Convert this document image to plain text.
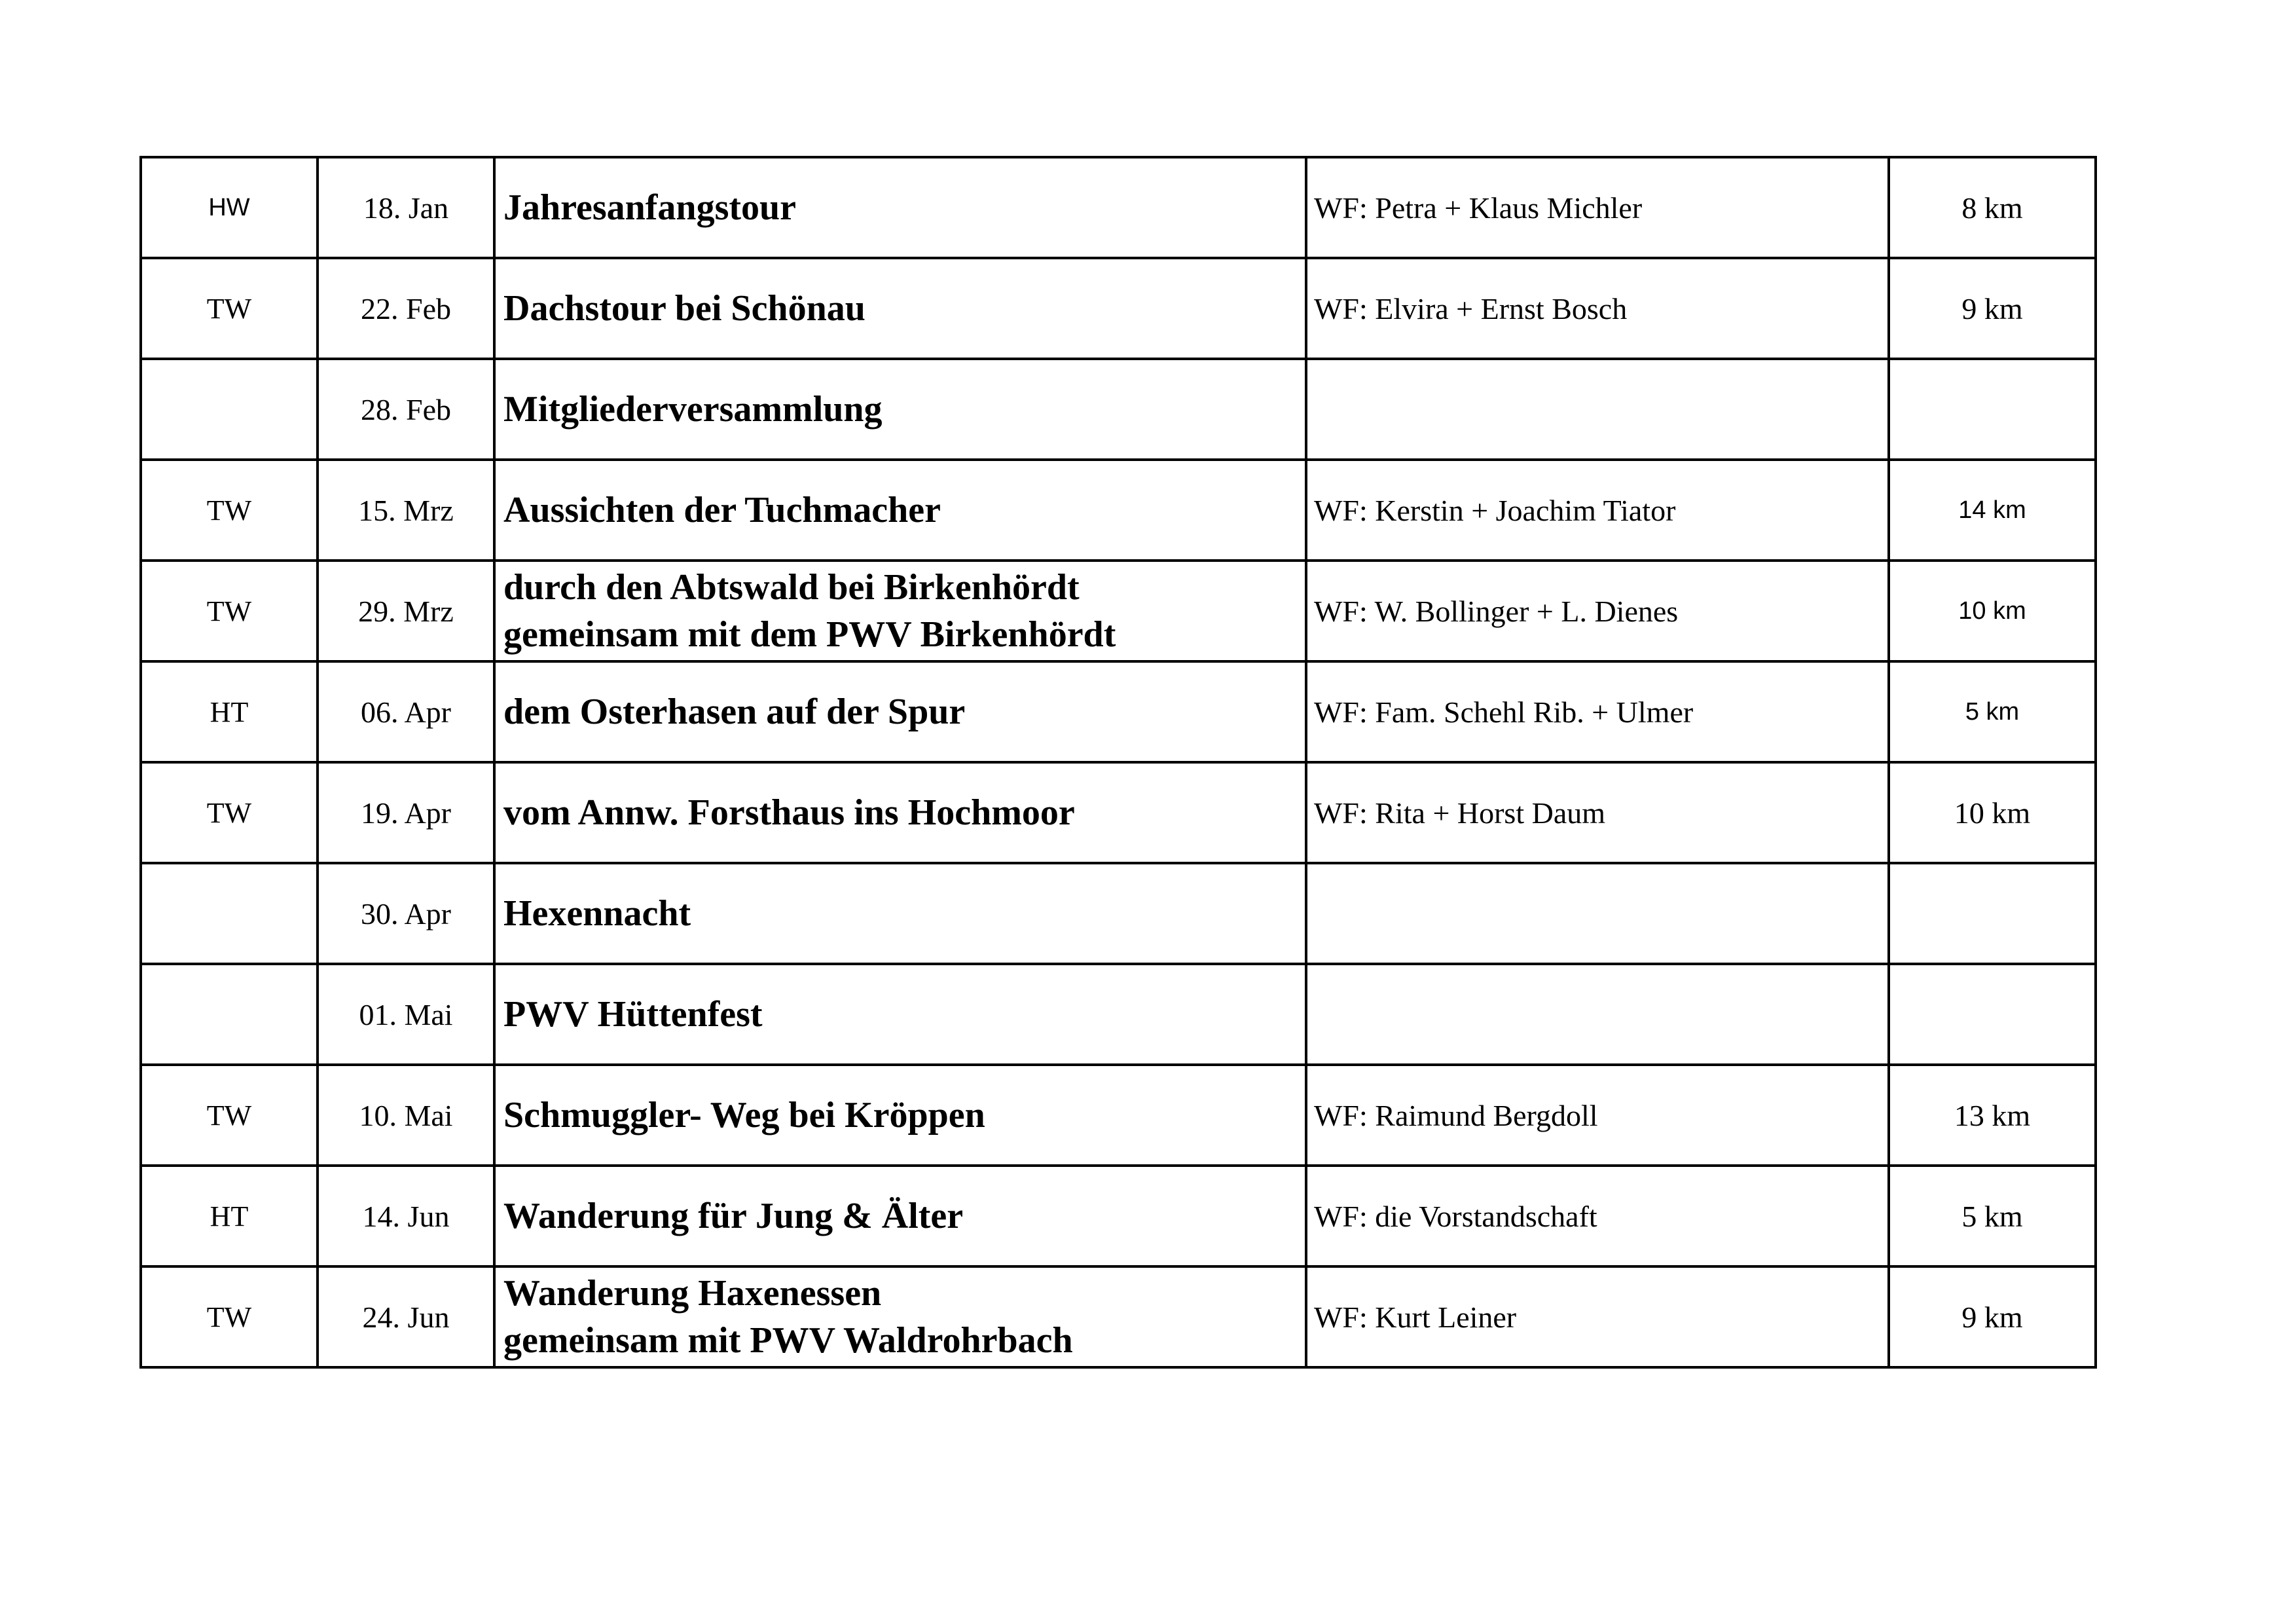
HW	18. Jan	Jahresanfangstour	WF: Petra + Klaus Michler	8 km
TW	22. Feb	Dachstour bei Schönau	WF: Elvira + Ernst Bosch	9 km
	28. Feb	Mitgliederversammlung		

TW	15. Mrz	Aussichten der Tuchmacher	WF: Kerstin + Joachim Tiator	14 km
TW	29. Mrz	durch den Abtswald bei Birkenhördt
gemeinsam mit dem PWV Birkenhördt	WF: W. Bollinger + L. Dienes	10 km
HT	06. Apr	dem Osterhasen auf der Spur	WF: Fam. Schehl Rib. + Ulmer	5 km
TW	19. Apr	vom Annw. Forsthaus ins Hochmoor	WF: Rita + Horst Daum	10 km
	30. Apr	Hexennacht		

	01. Mai	PWV Hüttenfest		

TW	10. Mai	Schmuggler- Weg bei Kröppen	WF: Raimund Bergdoll	13 km
HT	14. Jun	Wanderung für Jung & Älter	WF: die Vorstandschaft	5 km
TW	24. Jun	Wanderung Haxenessen
gemeinsam mit PWV Waldrohrbach	WF: Kurt Leiner	9 km
